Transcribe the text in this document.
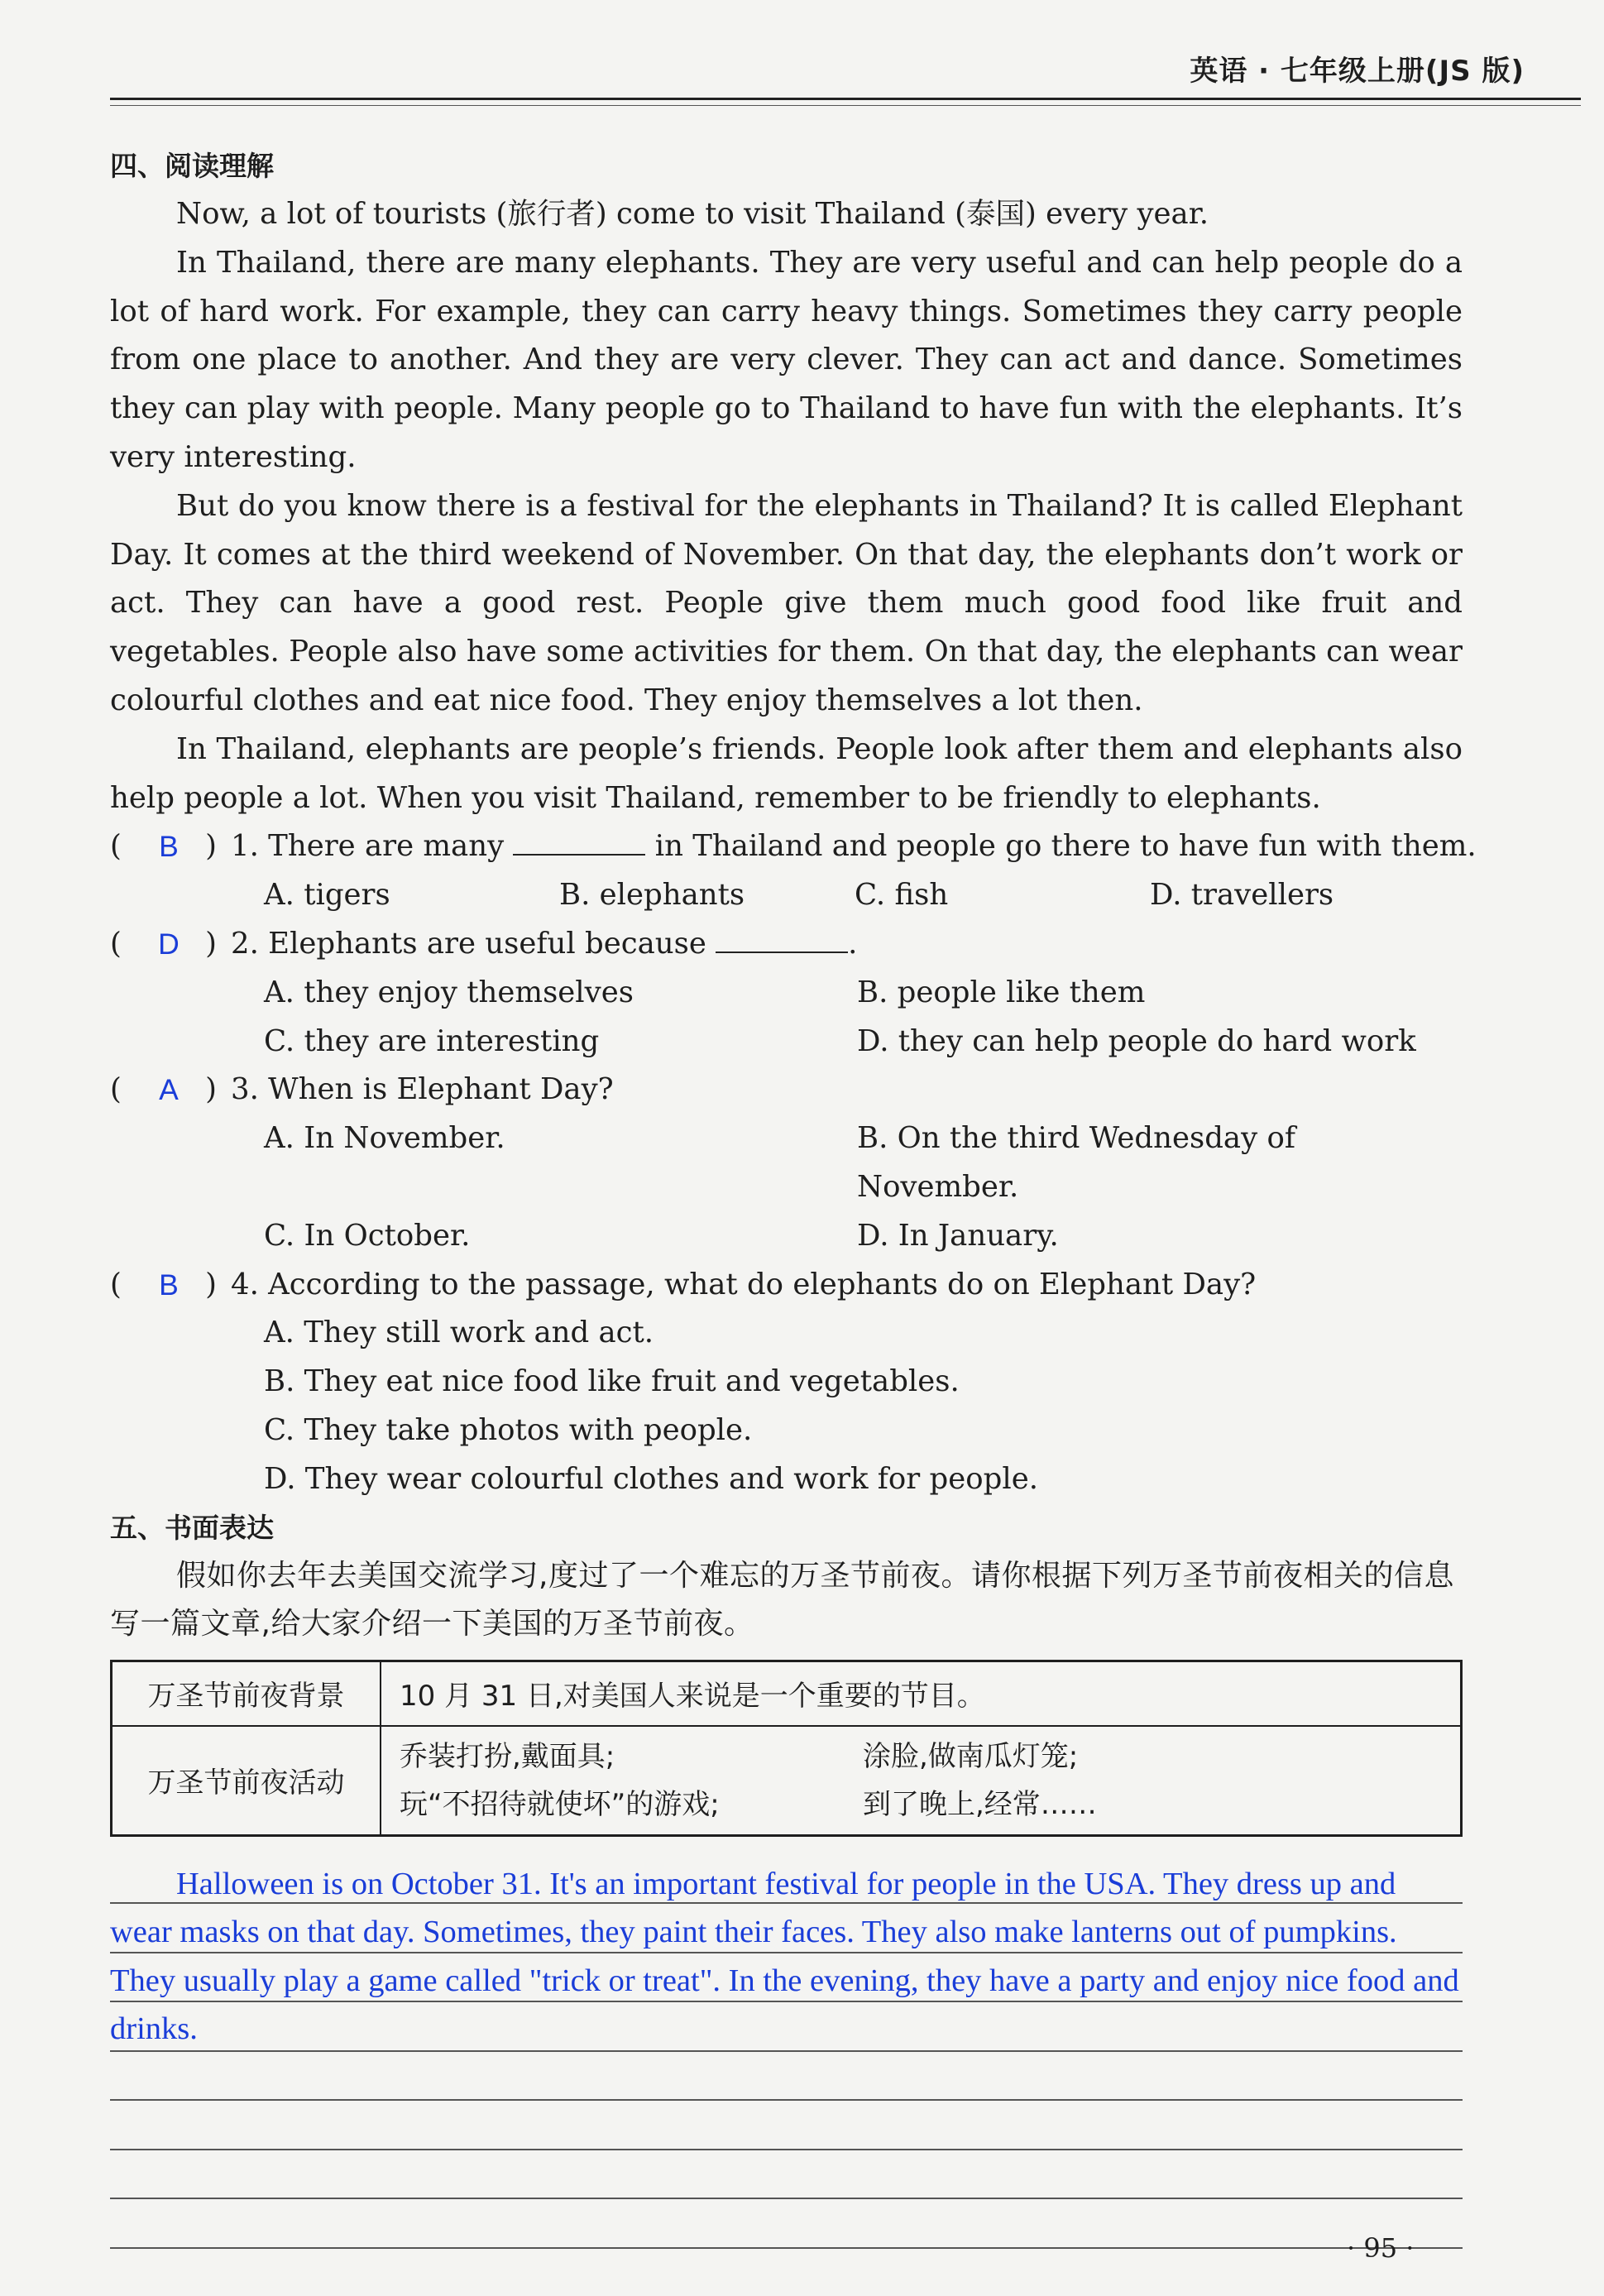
英语 · 七年级上册(JS 版)
四、阅读理解

Now, a lot of tourists (旅行者) come to visit Thailand (泰国) every year.

In Thailand, there are many elephants. They are very useful and can help people do a lot of hard work. For example, they can carry heavy things. Sometimes they carry people from one place to another. And they are very clever. They can act and dance. Sometimes they can play with people. Many people go to Thailand to have fun with the elephants. It’s very interesting.

But do you know there is a festival for the elephants in Thailand? It is called Elephant Day. It comes at the third weekend of November. On that day, the elephants don’t work or act. They can have a good rest. People give them much good food like fruit and vegetables. People also have some activities for them. On that day, the elephants can wear colourful clothes and eat nice food. They enjoy themselves a lot then.

In Thailand, elephants are people’s friends. People look after them and elephants also help people a lot. When you visit Thailand, remember to be friendly to elephants.

(	B ) 1. There are many	in Thailand and people go there to have fun with them.
A. tigers	B. elephants	C. fish	D. travellers
(	D ) 2. Elephants are useful because	.
A. they enjoy themselves	B. people like them
C. they are interesting	D. they can help people do hard work
(	A ) 3. When is Elephant Day?
A. In November.	B. On the third Wednesday of November.
C. In October.	D. In January.
(	B ) 4. According to the passage, what do elephants do on Elephant Day?
A. They still work and act.
B. They eat nice food like fruit and vegetables.
C. They take photos with people.
D. They wear colourful clothes and work for people.
五、书面表达

假如你去年去美国交流学习,度过了一个难忘的万圣节前夜。请你根据下列万圣节前夜相关的信息写一篇文章,给大家介绍一下美国的万圣节前夜。

万圣节前夜背景	10 月 31 日,对美国人来说是一个重要的节目。
万圣节前夜活动	乔装打扮,戴面具; 涂脸,做南瓜灯笼;
玩“不招待就使坏”的游戏; 到了晚上,经常……

Halloween is on October 31. It's an important festival for people in the USA. They dress up and wear masks on that day. Sometimes, they paint their faces. They also make lanterns out of pumpkins. They usually play a game called "trick or treat". In the evening, they have a party and enjoy nice food and drinks.

· 95 ·
